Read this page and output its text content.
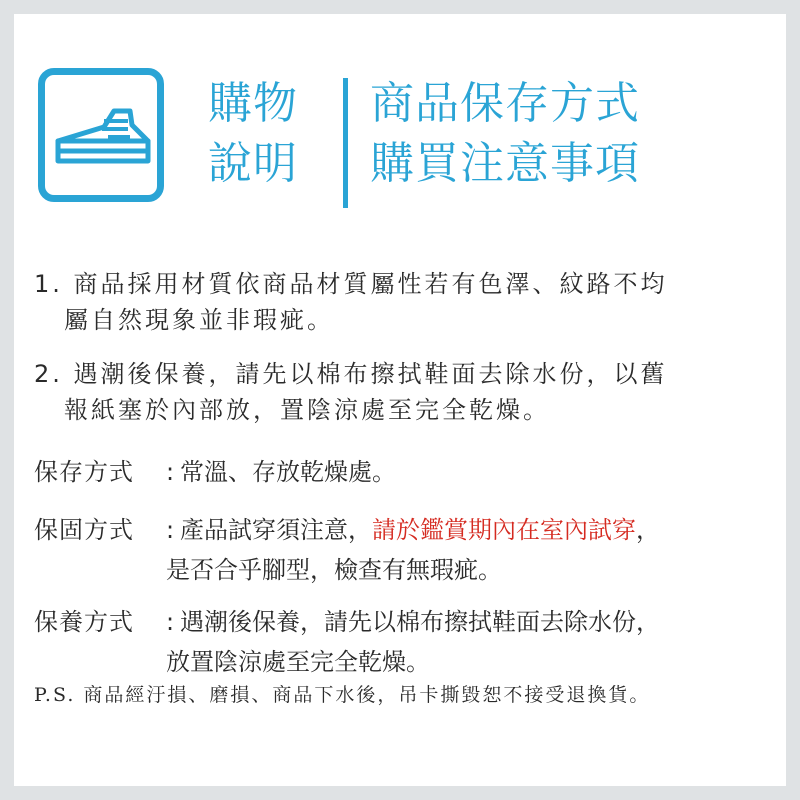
購物
說明
商品保存方式
購買注意事項
1. 商品採用材質依商品材質屬性若有色澤、紋路不均
屬自然現象並非瑕疵。
2. 遇潮後保養，請先以棉布擦拭鞋面去除水份，以舊
報紙塞於內部放，置陰涼處至完全乾燥。
保存方式 : 常溫、存放乾燥處。
保固方式 : 產品試穿須注意，請於鑑賞期內在室內試穿，
是否合乎腳型，檢查有無瑕疵。
保養方式 : 遇潮後保養，請先以棉布擦拭鞋面去除水份，
放置陰涼處至完全乾燥。
P.S. 商品經汙損、磨損、商品下水後，吊卡撕毀恕不接受退換貨。
